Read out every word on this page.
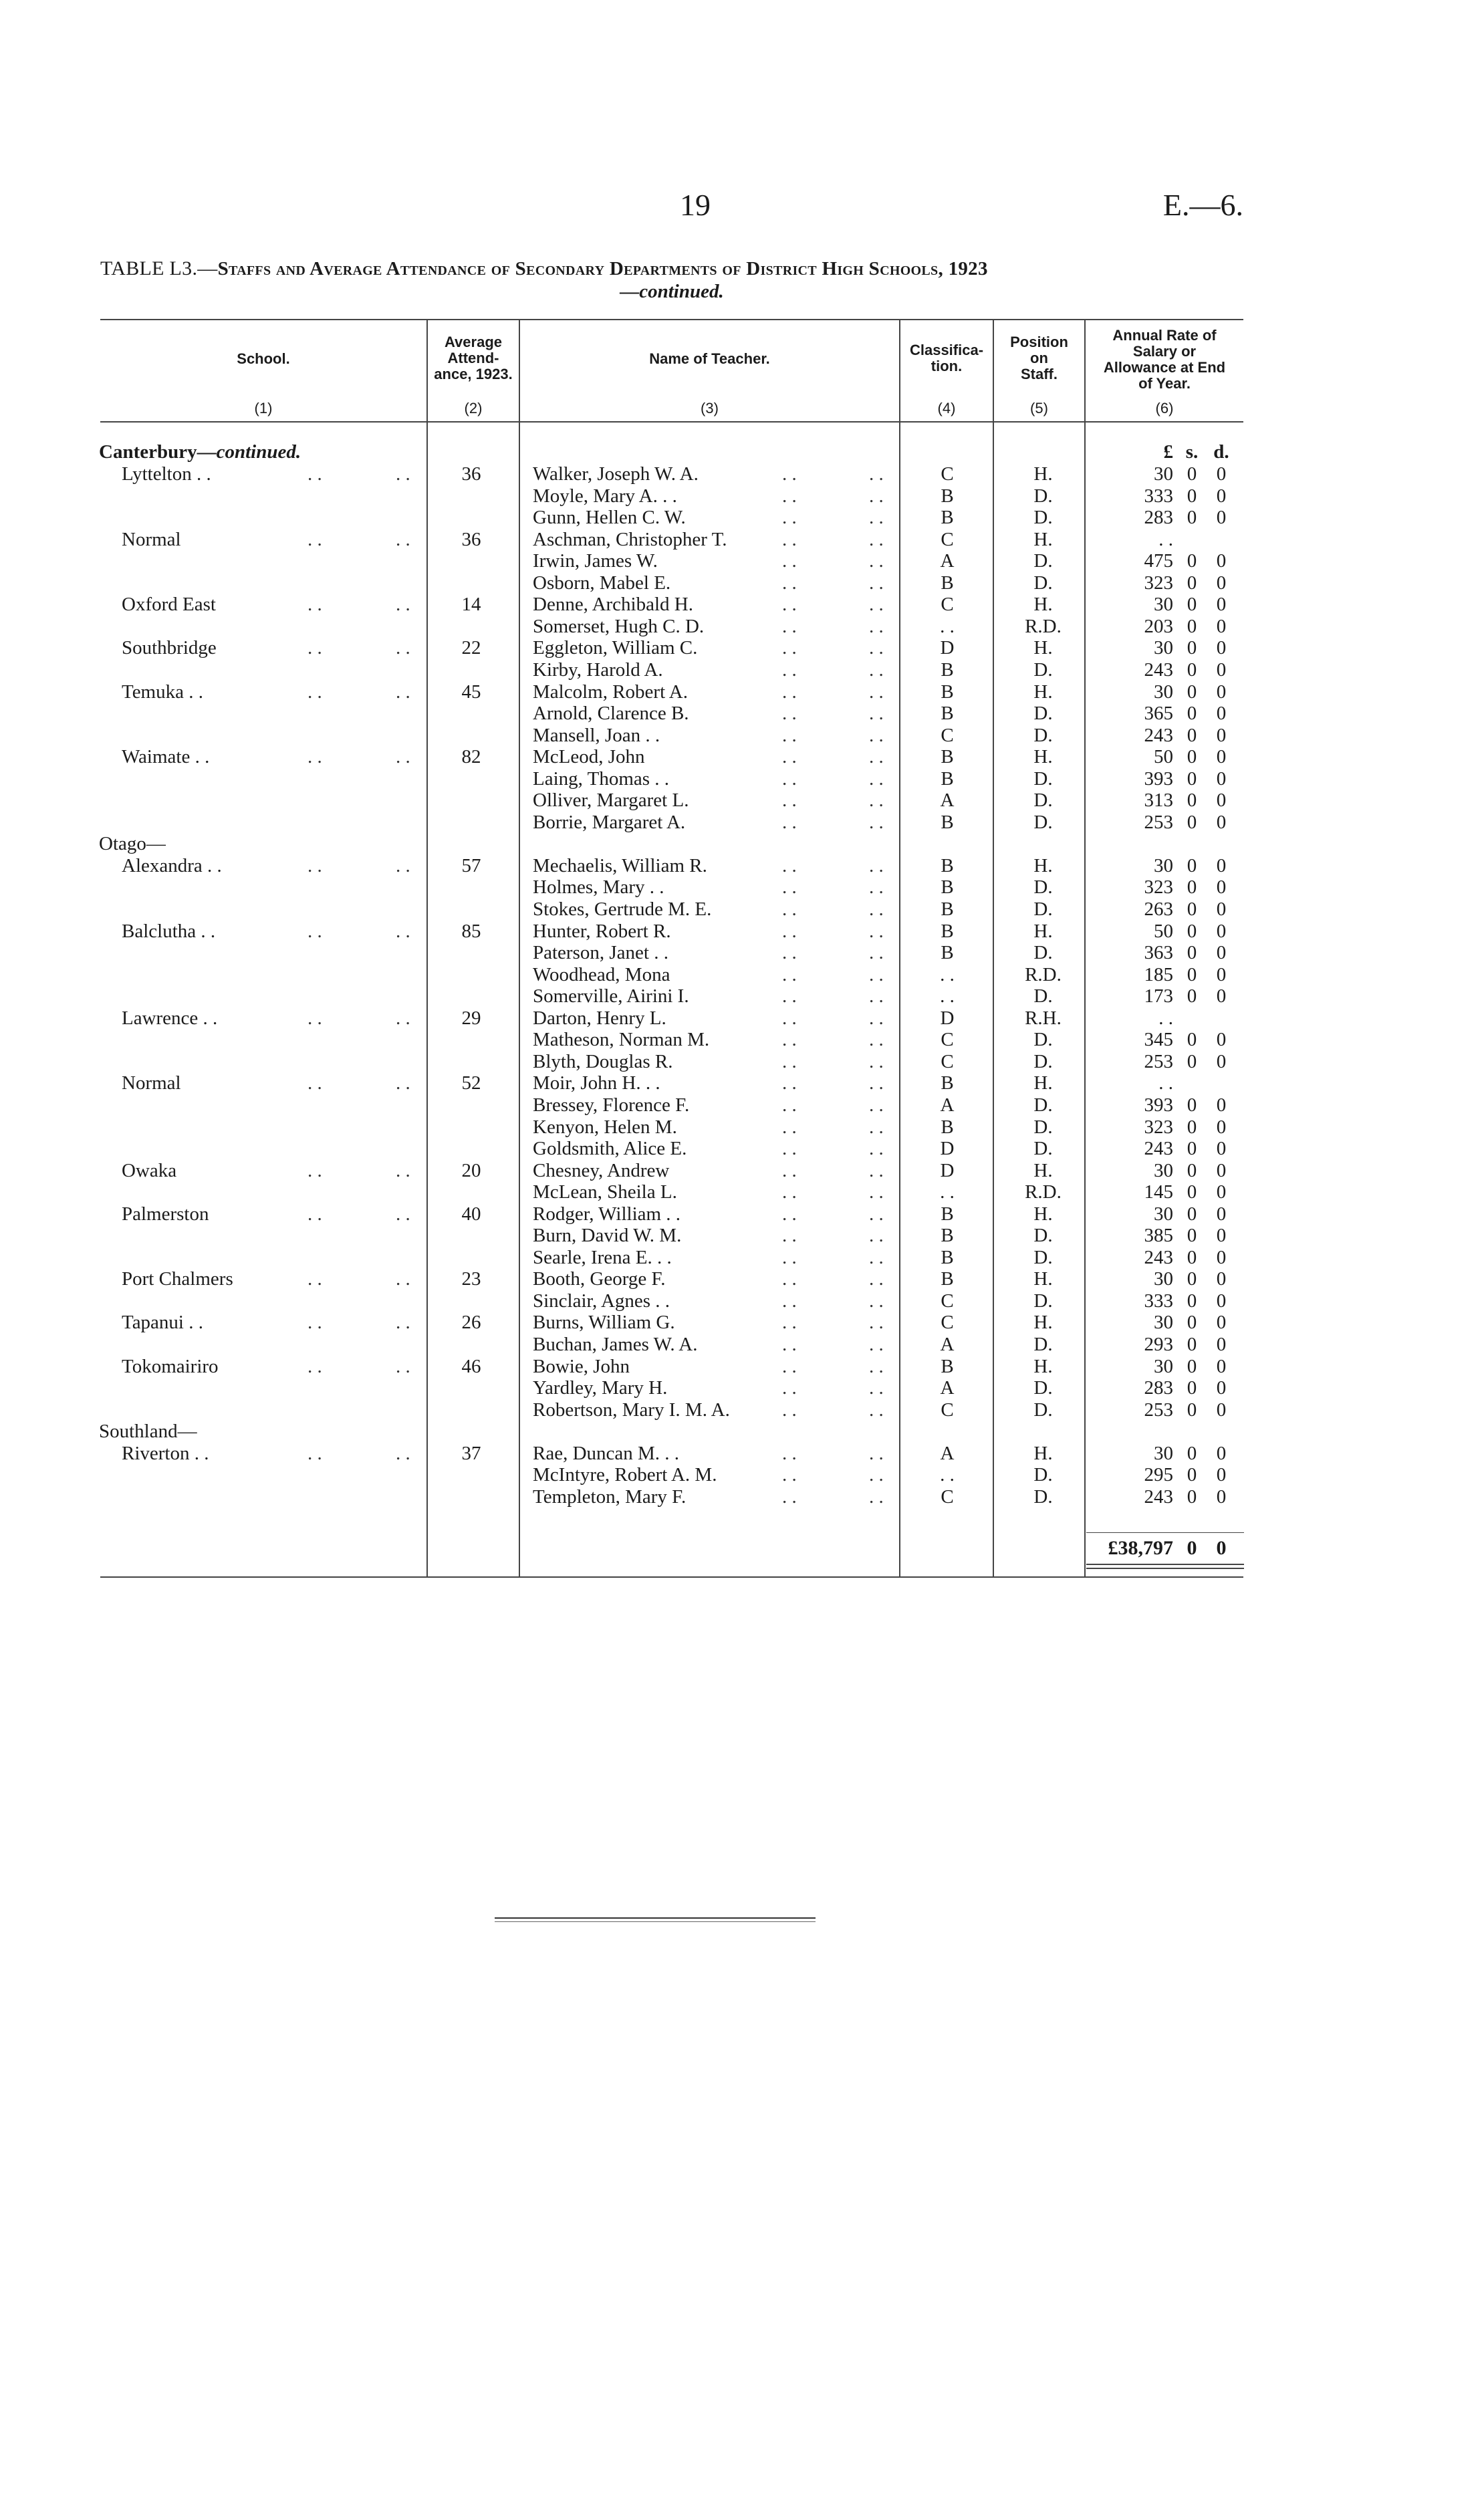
19	E.—6.
TABLE L3.—Staffs and Average Attendance of Secondary Departments of District High Schools, 1923
—continued.
School.
Average
Attend-
ance, 1923.
Name of Teacher.
Classifica-
tion.
Position
on
Staff.
Annual Rate of
Salary or
Allowance at End
of Year.
(1)	(2)	(3)	(4)	(5)	(6)
Canterbury—continued.	£ s. d.
Lyttelton . .	. .	. .	36	Walker, Joseph W. A.	. .	. .	C	H.	30 0 0
Moyle, Mary A. . .	. .	. .	B	D.	333 0 0
Gunn, Hellen C. W.	. .	. .	B	D.	283 0 0
Normal	. .	. .	36	Aschman, Christopher T.	. .	. .	C	H.	. .
Irwin, James W.	. .	. .	A	D.	475 0 0
Osborn, Mabel E.	. .	. .	B	D.	323 0 0
Oxford East	. .	. .	14	Denne, Archibald H.	. .	. .	C	H.	30 0 0
Somerset, Hugh C. D.	. .	. .	. .	R.D.	203 0 0
Southbridge	. .	. .	22	Eggleton, William C.	. .	. .	D	H.	30 0 0
Kirby, Harold A.	. .	. .	B	D.	243 0 0
Temuka . .	. .	. .	45	Malcolm, Robert A.	. .	. .	B	H.	30 0 0
Arnold, Clarence B.	. .	. .	B	D.	365 0 0
Mansell, Joan . .	. .	. .	C	D.	243 0 0
Waimate . .	. .	. .	82	McLeod, John	. .	. .	B	H.	50 0 0
Laing, Thomas . .	. .	. .	B	D.	393 0 0
Olliver, Margaret L.	. .	. .	A	D.	313 0 0
Borrie, Margaret A.	. .	. .	B	D.	253 0 0
Otago—
Alexandra . .	. .	. .	57	Mechaelis, William R.	. .	. .	B	H.	30 0 0
Holmes, Mary . .	. .	. .	B	D.	323 0 0
Stokes, Gertrude M. E.	. .	. .	B	D.	263 0 0
Balclutha . .	. .	. .	85	Hunter, Robert R.	. .	. .	B	H.	50 0 0
Paterson, Janet . .	. .	. .	B	D.	363 0 0
Woodhead, Mona	. .	. .	. .	R.D.	185 0 0
Somerville, Airini I.	. .	. .	. .	D.	173 0 0
Lawrence . .	. .	. .	29	Darton, Henry L.	. .	. .	D	R.H.	. .
Matheson, Norman M.	. .	. .	C	D.	345 0 0
Blyth, Douglas R.	. .	. .	C	D.	253 0 0
Normal	. .	. .	52	Moir, John H. . .	. .	. .	B	H.	. .
Bressey, Florence F.	. .	. .	A	D.	393 0 0
Kenyon, Helen M.	. .	. .	B	D.	323 0 0
Goldsmith, Alice E.	. .	. .	D	D.	243 0 0
Owaka	. .	. .	20	Chesney, Andrew	. .	. .	D	H.	30 0 0
McLean, Sheila L.	. .	. .	. .	R.D.	145 0 0
Palmerston	. .	. .	40	Rodger, William . .	. .	. .	B	H.	30 0 0
Burn, David W. M.	. .	. .	B	D.	385 0 0
Searle, Irena E. . .	. .	. .	B	D.	243 0 0
Port Chalmers	. .	. .	23	Booth, George F.	. .	. .	B	H.	30 0 0
Sinclair, Agnes . .	. .	. .	C	D.	333 0 0
Tapanui . .	. .	. .	26	Burns, William G.	. .	. .	C	H.	30 0 0
Buchan, James W. A.	. .	. .	A	D.	293 0 0
Tokomairiro	. .	. .	46	Bowie, John	. .	. .	B	H.	30 0 0
Yardley, Mary H.	. .	. .	A	D.	283 0 0
Robertson, Mary I. M. A.	. .	. .	C	D.	253 0 0
Southland—
Riverton . .	. .	. .	37	Rae, Duncan M. . .	. .	. .	A	H.	30 0 0
McIntyre, Robert A. M.	. .	. .	. .	D.	295 0 0
Templeton, Mary F.	. .	. .	C	D.	243 0 0
£38,797 0 0
